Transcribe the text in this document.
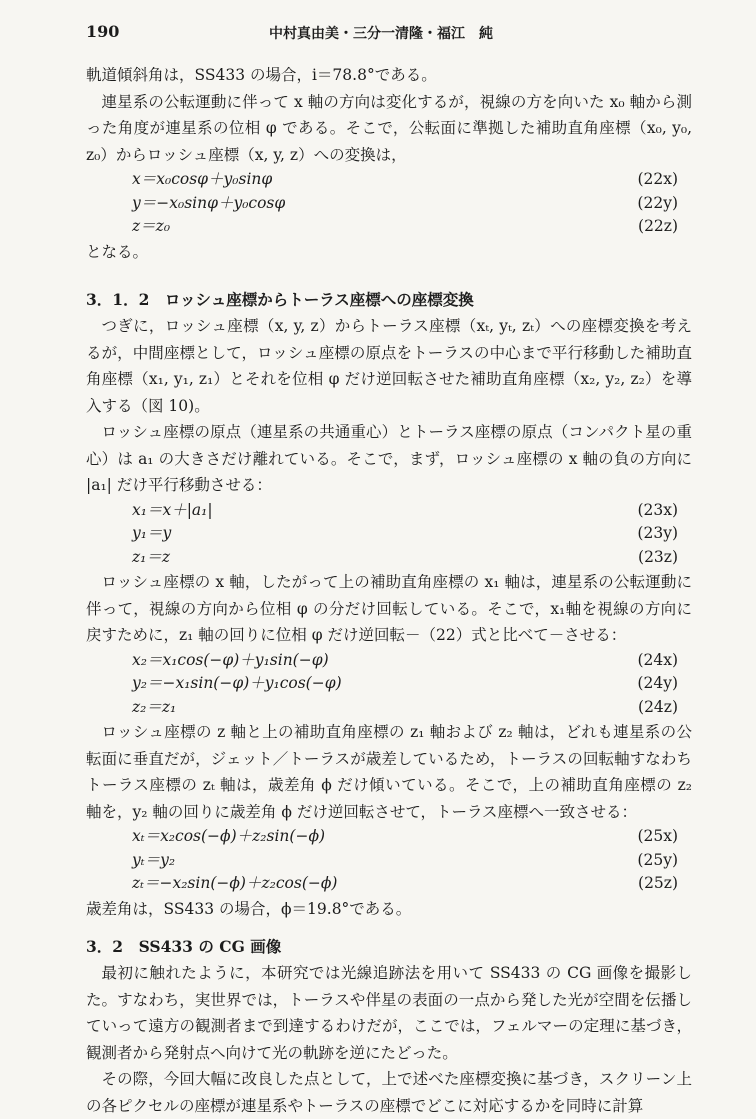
190	中村真由美・三分一清隆・福江　純

軌道傾斜角は，SS433 の場合，i＝78.8°である。

連星系の公転運動に伴って x 軸の方向は変化するが，視線の方を向いた x₀ 軸から測った角度が連星系の位相 φ である。そこで，公転面に準拠した補助直角座標（x₀, y₀, z₀）からロッシュ座標（x, y, z）への変換は，

x＝x₀cosφ＋y₀sinφ	(22x)
y＝−x₀sinφ＋y₀cosφ	(22y)
z＝z₀	(22z)

となる。

3．1．2　ロッシュ座標からトーラス座標への座標変換

つぎに，ロッシュ座標（x, y, z）からトーラス座標（xₜ, yₜ, zₜ）への座標変換を考えるが，中間座標として，ロッシュ座標の原点をトーラスの中心まで平行移動した補助直角座標（x₁, y₁, z₁）とそれを位相 φ だけ逆回転させた補助直角座標（x₂, y₂, z₂）を導入する（図 10)。

ロッシュ座標の原点（連星系の共通重心）とトーラス座標の原点（コンパクト星の重心）は a₁ の大きさだけ離れている。そこで，まず，ロッシュ座標の x 軸の負の方向に |a₁| だけ平行移動させる：

x₁＝x＋|a₁|	(23x)
y₁＝y	(23y)
z₁＝z	(23z)

ロッシュ座標の x 軸，したがって上の補助直角座標の x₁ 軸は，連星系の公転運動に伴って，視線の方向から位相 φ の分だけ回転している。そこで，x₁軸を視線の方向に戻すために，z₁ 軸の回りに位相 φ だけ逆回転－（22）式と比べて－させる：

x₂＝x₁cos(−φ)＋y₁sin(−φ)	(24x)
y₂＝−x₁sin(−φ)＋y₁cos(−φ)	(24y)
z₂＝z₁	(24z)

ロッシュ座標の z 軸と上の補助直角座標の z₁ 軸および z₂ 軸は，どれも連星系の公転面に垂直だが，ジェット／トーラスが歳差しているため，トーラスの回転軸すなわちトーラス座標の zₜ 軸は，歳差角 ϕ だけ傾いている。そこで，上の補助直角座標の z₂ 軸を，y₂ 軸の回りに歳差角 ϕ だけ逆回転させて，トーラス座標へ一致させる：

xₜ＝x₂cos(−ϕ)＋z₂sin(−ϕ)	(25x)
yₜ＝y₂	(25y)
zₜ＝−x₂sin(−ϕ)＋z₂cos(−ϕ)	(25z)

歳差角は，SS433 の場合，ϕ＝19.8°である。

3．2　SS433 の CG 画像

最初に触れたように，本研究では光線追跡法を用いて SS433 の CG 画像を撮影した。すなわち，実世界では，トーラスや伴星の表面の一点から発した光が空間を伝播していって遠方の観測者まで到達するわけだが，ここでは，フェルマーの定理に基づき，観測者から発射点へ向けて光の軌跡を逆にたどった。

その際，今回大幅に改良した点として，上で述べた座標変換に基づき，スクリーン上の各ピクセルの座標が連星系やトーラスの座標でどこに対応するかを同時に計算
